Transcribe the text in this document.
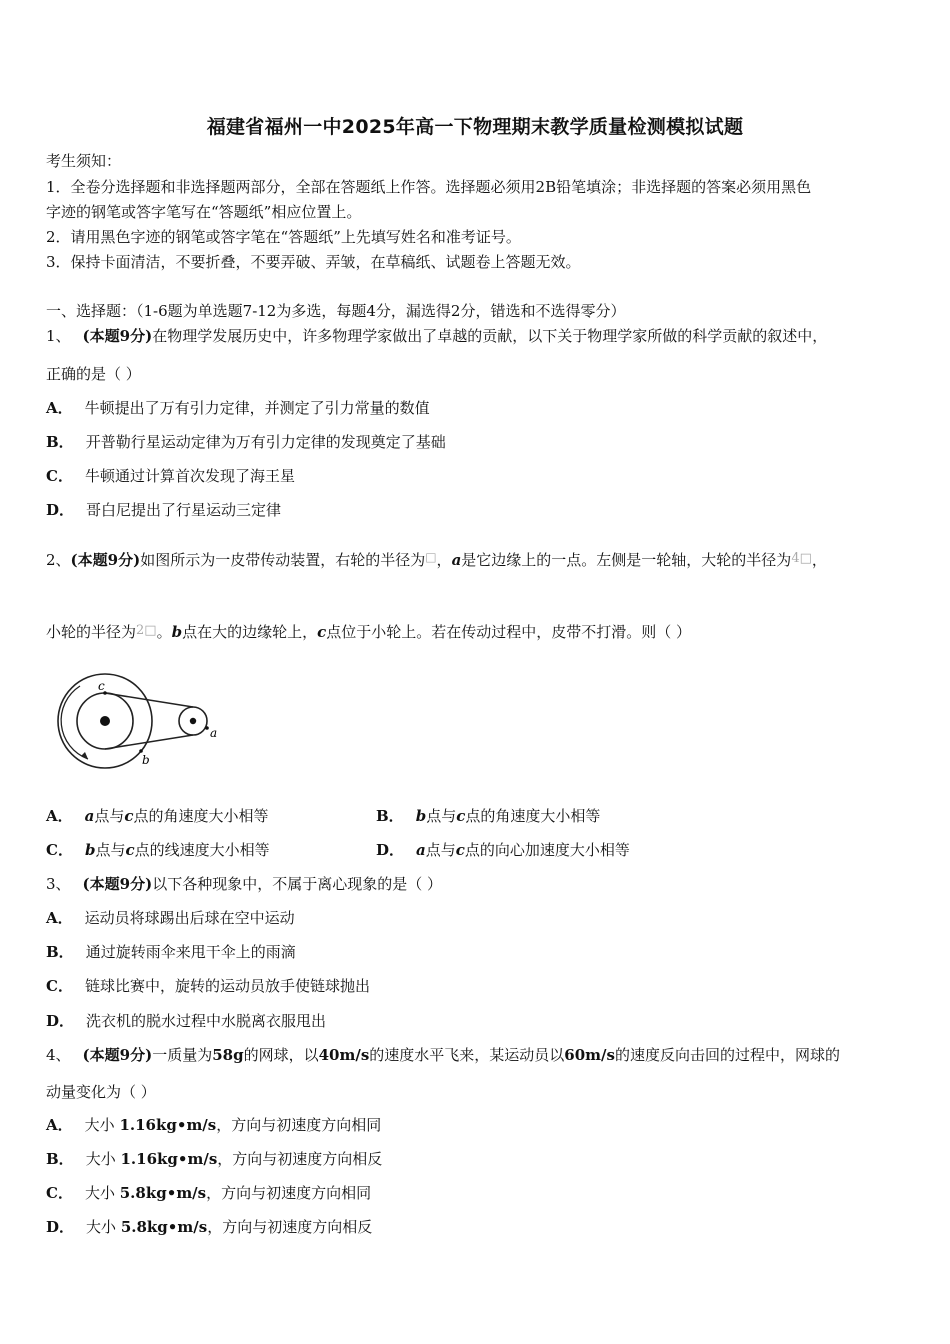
福建省福州一中2025年高一下物理期末教学质量检测模拟试题
考生须知：
1．全卷分选择题和非选择题两部分，全部在答题纸上作答。选择题必须用2B铅笔填涂；非选择题的答案必须用黑色
字迹的钢笔或答字笔写在“答题纸”相应位置上。
2．请用黑色字迹的钢笔或答字笔在“答题纸”上先填写姓名和准考证号。
3．保持卡面清洁，不要折叠，不要弄破、弄皱，在草稿纸、试题卷上答题无效。
一、选择题：（1-6题为单选题7-12为多选，每题4分，漏选得2分，错选和不选得零分）
1、 (本题9分)在物理学发展历史中，许多物理学家做出了卓越的贡献，以下关于物理学家所做的科学贡献的叙述中，
正确的是（ ）
A． 牛顿提出了万有引力定律，并测定了引力常量的数值
B． 开普勒行星运动定律为万有引力定律的发现奠定了基础
C． 牛顿通过计算首次发现了海王星
D． 哥白尼提出了行星运动三定律
2、(本题9分)如图所示为一皮带传动装置，右轮的半径为□，a是它边缘上的一点。左侧是一轮轴，大轮的半径为4□，
小轮的半径为2□。b点在大的边缘轮上，c点位于小轮上。若在传动过程中，皮带不打滑。则（ ）
a
b
c
A． a点与c点的角速度大小相等	B． b点与c点的角速度大小相等
C． b点与c点的线速度大小相等	D． a点与c点的向心加速度大小相等
3、 (本题9分)以下各种现象中，不属于离心现象的是（ ）
A． 运动员将球踢出后球在空中运动
B． 通过旋转雨伞来甩干伞上的雨滴
C． 链球比赛中，旋转的运动员放手使链球抛出
D． 洗衣机的脱水过程中水脱离衣服甩出
4、 (本题9分)一质量为58g的网球，以40m/s的速度水平飞来，某运动员以60m/s的速度反向击回的过程中，网球的
动量变化为（ ）
A． 大小 1.16kg•m/s，方向与初速度方向相同
B． 大小 1.16kg•m/s，方向与初速度方向相反
C． 大小 5.8kg•m/s，方向与初速度方向相同
D． 大小 5.8kg•m/s，方向与初速度方向相反
